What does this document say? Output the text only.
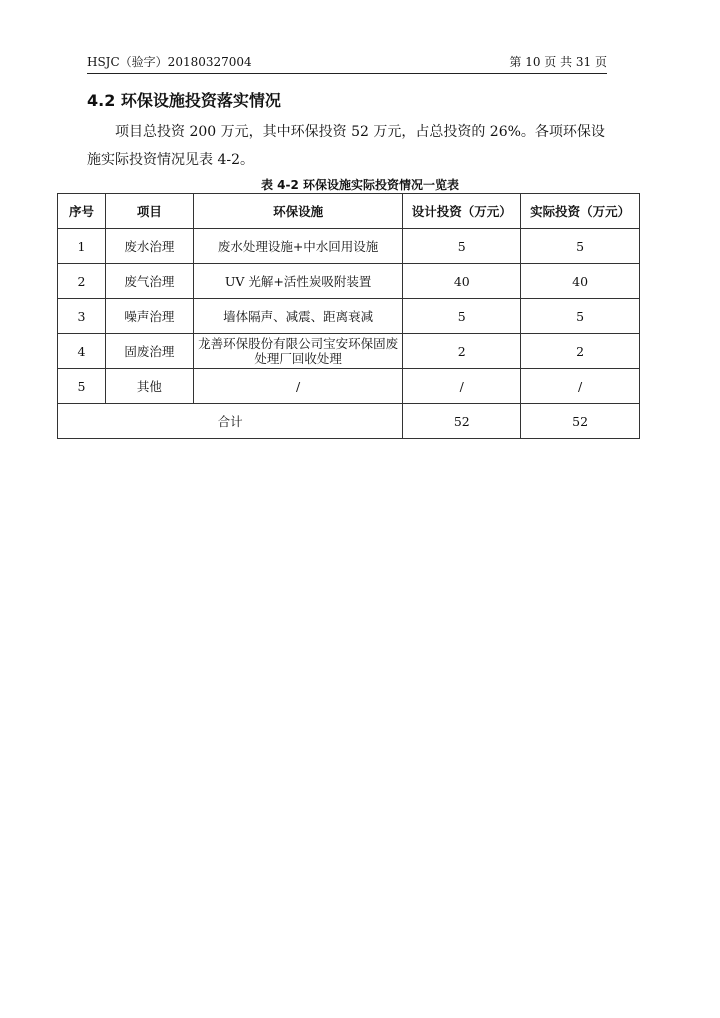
HSJC（验字）20180327004	第 10 页 共 31 页
4.2 环保设施投资落实情况
项目总投资 200 万元，其中环保投资 52 万元，占总投资的 26%。各项环保设施实际投资情况见表 4-2。
表 4-2 环保设施实际投资情况一览表
序号	项目	环保设施	设计投资（万元）	实际投资（万元）
1	废水治理	废水处理设施+中水回用设施	5	5
2	废气治理	UV 光解+活性炭吸附装置	40	40
3	噪声治理	墙体隔声、减震、距离衰减	5	5
4	固废治理	龙善环保股份有限公司宝安环保固废处理厂回收处理	2	2
5	其他	/	/	/
合计			52	52
